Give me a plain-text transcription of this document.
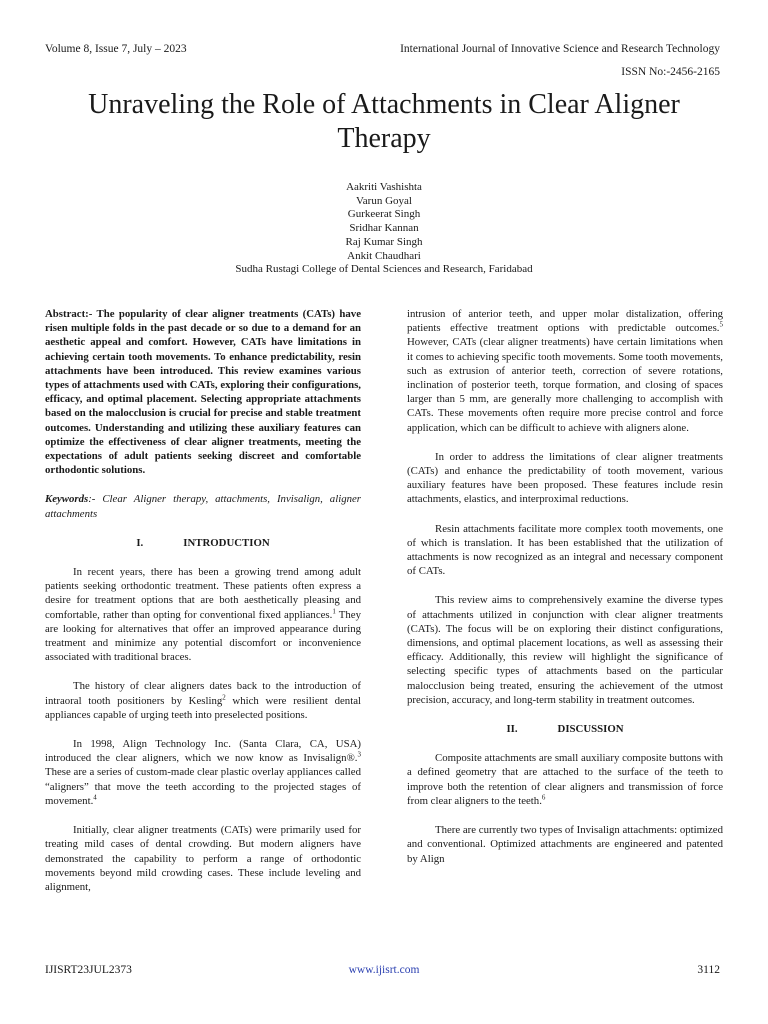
Volume 8, Issue 7, July – 2023	International Journal of Innovative Science and Research Technology
ISSN No:-2456-2165
Unraveling the Role of Attachments in Clear Aligner Therapy
Aakriti Vashishta
Varun Goyal
Gurkeerat Singh
Sridhar Kannan
Raj Kumar Singh
Ankit Chaudhari
Sudha Rustagi College of Dental Sciences and Research, Faridabad

Abstract:- The popularity of clear aligner treatments (CATs) have risen multiple folds in the past decade or so due to a demand for an aesthetic appeal and comfort. However, CATs have limitations in achieving certain tooth movements. To enhance predictability, resin attachments have been introduced. This review examines various types of attachments used with CATs, exploring their configurations, efficacy, and optimal placement. Selecting appropriate attachments based on the malocclusion is crucial for precise and stable treatment outcomes. Understanding and utilizing these auxiliary features can optimize the effectiveness of clear aligner treatments, meeting the expectations of adult patients seeking discreet and comfortable orthodontic solutions.

Keywords:- Clear Aligner therapy, attachments, Invisalign, aligner attachments

I.	INTRODUCTION

In recent years, there has been a growing trend among adult patients seeking orthodontic treatment. These patients often express a desire for treatment options that are both aesthetically pleasing and comfortable, rather than opting for conventional fixed appliances.$^1$ They are looking for alternatives that offer an improved appearance during treatment and minimize any potential discomfort or inconvenience associated with traditional braces.

The history of clear aligners dates back to the introduction of intraoral tooth positioners by Kesling$^2$ which were resilient dental appliances capable of urging teeth into preselected positions.

In 1998, Align Technology Inc. (Santa Clara, CA, USA) introduced the clear aligners, which we now know as Invisalign®.$^3$ These are a series of custom-made clear plastic overlay appliances called “aligners” that move the teeth according to the projected stages of movement.$^4$

Initially, clear aligner treatments (CATs) were primarily used for treating mild cases of dental crowding. But modern aligners have demonstrated the capability to perform a range of orthodontic movements beyond mild crowding cases. These include leveling and alignment,

intrusion of anterior teeth, and upper molar distalization, offering patients effective treatment options with predictable outcomes.$^5$ However, CATs (clear aligner treatments) have certain limitations when it comes to achieving specific tooth movements. Some tooth movements, such as extrusion of anterior teeth, correction of severe rotations, inclination of posterior teeth, torque formation, and closing of spaces larger than 5 mm, are generally more challenging to accomplish with CATs. These movements often require more precise control and force application, which can be difficult to achieve with aligners alone.

In order to address the limitations of clear aligner treatments (CATs) and enhance the predictability of tooth movement, various auxiliary features have been proposed. These features include resin attachments, elastics, and interproximal reductions.

Resin attachments facilitate more complex tooth movements, one of which is translation. It has been established that the utilization of attachments is now recognized as an integral and necessary component of CATs.

This review aims to comprehensively examine the diverse types of attachments utilized in conjunction with clear aligner treatments (CATs). The focus will be on exploring their distinct configurations, dimensions, and optimal placement locations, as well as assessing their efficacy. Additionally, this review will highlight the significance of selecting specific types of attachments based on the particular malocclusion being treated, ensuring the achievement of the utmost precision, accuracy, and long-term stability in treatment outcomes.

II.	DISCUSSION

Composite attachments are small auxiliary composite buttons with a defined geometry that are attached to the surface of the teeth to improve both the retention of clear aligners and transmission of force from clear aligners to the teeth.$^6$

There are currently two types of Invisalign attachments: optimized and conventional. Optimized attachments are engineered and patented by Align

IJISRT23JUL2373	www.ijisrt.com	3112
